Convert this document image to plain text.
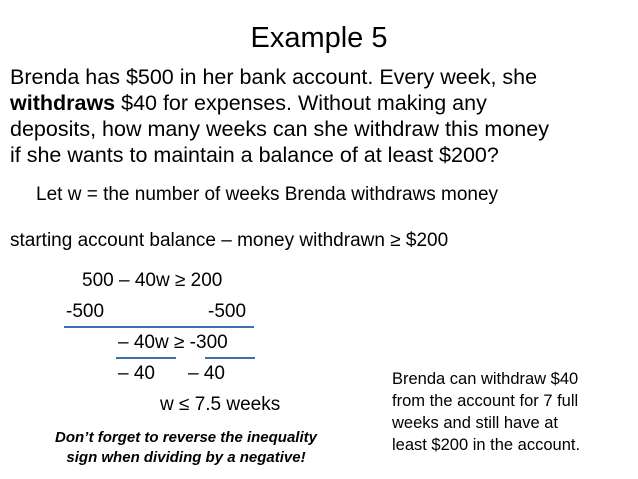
Example 5
Brenda has $500 in her bank account. Every week, she
withdraws $40 for expenses. Without making any
deposits, how many weeks can she withdraw this money
if she wants to maintain a balance of at least $200?
Let w = the number of weeks Brenda withdraws money
starting account balance – money withdrawn ≥ $200
500 – 40w ≥ 200
-500	-500
– 40w ≥ -300
– 40 – 40
w ≤ 7.5 weeks
Don’t forget to reverse the inequality
sign when dividing by a negative!
Brenda can withdraw $40
from the account for 7 full
weeks and still have at
least $200 in the account.
